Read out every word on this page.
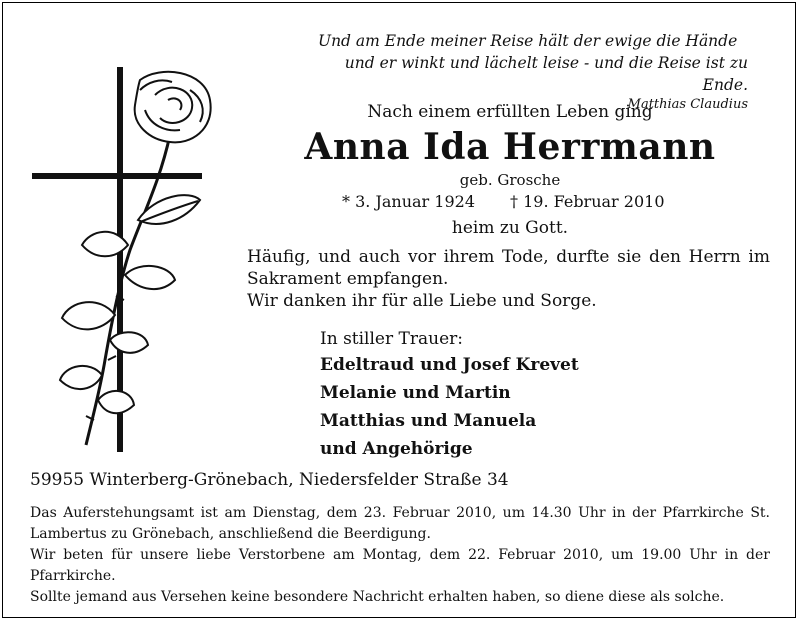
Und am Ende meiner Reise hält der ewige die Hände
und er winkt und lächelt leise - und die Reise ist zu Ende.
Matthias Claudius
Nach einem erfüllten Leben ging
Anna Ida Herrmann
geb. Grosche
* 3. Januar 1924 † 19. Februar 2010
heim zu Gott.

Häufig, und auch vor ihrem Tode, durfte sie den Herrn im Sakrament empfangen.

Wir danken ihr für alle Liebe und Sorge.

In stiller Trauer:
Edeltraud und Josef Krevet
Melanie und Martin
Matthias und Manuela
und Angehörige
59955 Winterberg-Grönebach, Niedersfelder Straße 34

Das Auferstehungsamt ist am Dienstag, dem 23. Februar 2010, um 14.30 Uhr in der Pfarrkirche St. Lambertus zu Grönebach, anschließend die Beerdigung.

Wir beten für unsere liebe Verstorbene am Montag, dem 22. Februar 2010, um 19.00 Uhr in der Pfarrkirche.

Sollte jemand aus Versehen keine besondere Nachricht erhalten haben, so diene diese als solche.
